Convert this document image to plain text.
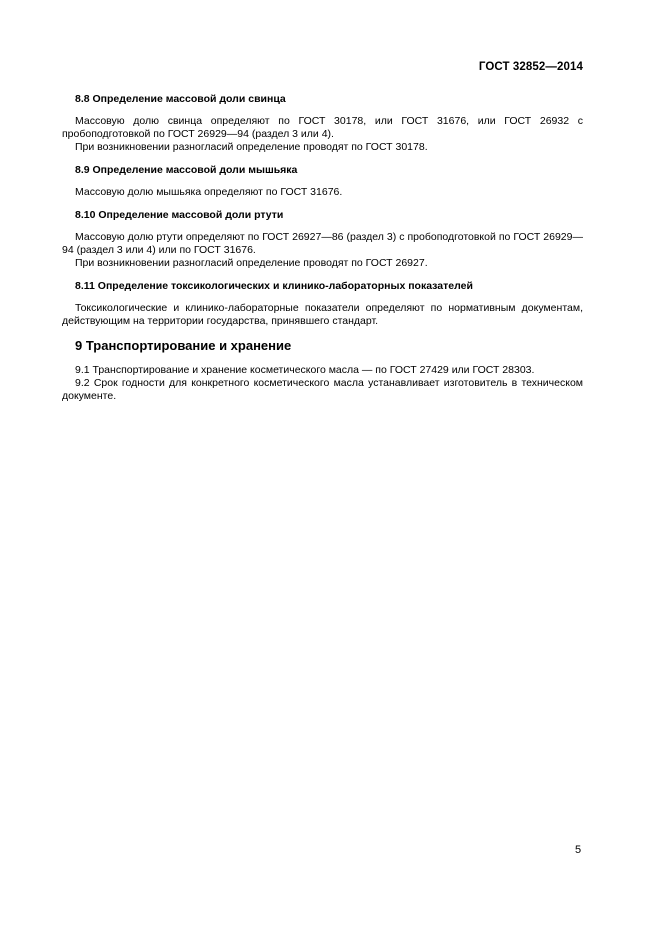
ГОСТ 32852—2014

8.8 Определение массовой доли свинца

Массовую долю свинца определяют по ГОСТ 30178, или ГОСТ 31676, или ГОСТ 26932 с пробоподготовкой по ГОСТ 26929—94 (раздел 3 или 4).

При возникновении разногласий определение проводят по ГОСТ 30178.

8.9 Определение массовой доли мышьяка

Массовую долю мышьяка определяют по ГОСТ 31676.

8.10 Определение массовой доли ртути

Массовую долю ртути определяют по ГОСТ 26927—86 (раздел 3) с пробоподготовкой по ГОСТ 26929—94 (раздел 3 или 4) или по ГОСТ 31676.

При возникновении разногласий определение проводят по ГОСТ 26927.

8.11 Определение токсикологических и клинико-лабораторных показателей

Токсикологические и клинико-лабораторные показатели определяют по нормативным документам, действующим на территории государства, принявшего стандарт.

9 Транспортирование и хранение

9.1 Транспортирование и хранение косметического масла — по ГОСТ 27429 или ГОСТ 28303.

9.2 Срок годности для конкретного косметического масла устанавливает изготовитель в техническом документе.

5
